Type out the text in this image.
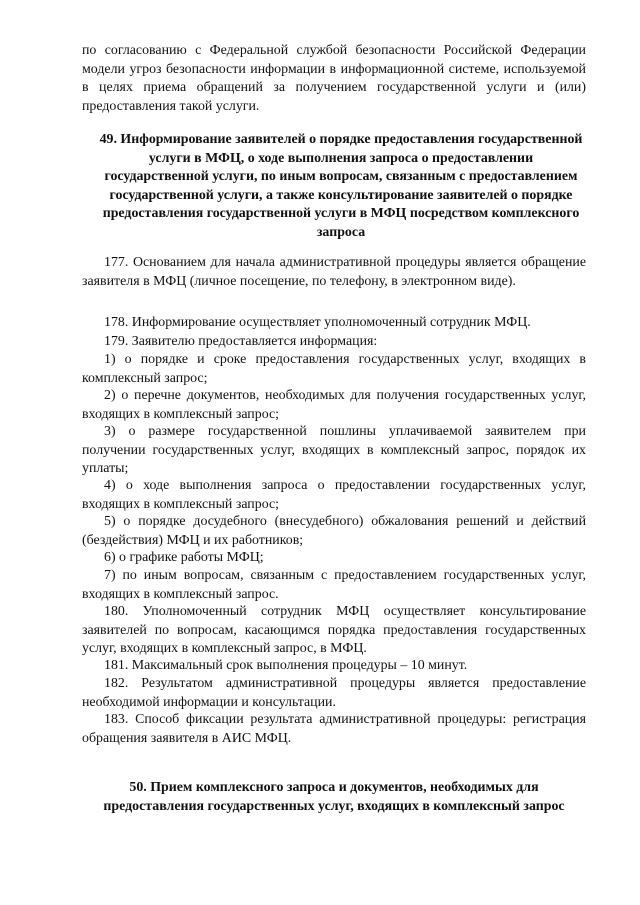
по согласованию с Федеральной службой безопасности Российской Федерации модели угроз безопасности информации в информационной системе, используемой в целях приема обращений за получением государственной услуги и (или) предоставления такой услуги.

49. Информирование заявителей о порядке предоставления государственной услуги в МФЦ, о ходе выполнения запроса о предоставлении государственной услуги, по иным вопросам, связанным с предоставлением государственной услуги, а также консультирование заявителей о порядке предоставления государственной услуги в МФЦ посредством комплексного запроса

177. Основанием для начала административной процедуры является обращение заявителя в МФЦ (личное посещение, по телефону, в электронном виде).

178. Информирование осуществляет уполномоченный сотрудник МФЦ.

179. Заявителю предоставляется информация:

1) о порядке и сроке предоставления государственных услуг, входящих в комплексный запрос;

2) о перечне документов, необходимых для получения государственных услуг, входящих в комплексный запрос;

3) о размере государственной пошлины уплачиваемой заявителем при получении государственных услуг, входящих в комплексный запрос, порядок их уплаты;

4) о ходе выполнения запроса о предоставлении государственных услуг, входящих в комплексный запрос;

5) о порядке досудебного (внесудебного) обжалования решений и действий (бездействия) МФЦ и их работников;

6) о графике работы МФЦ;

7) по иным вопросам, связанным с предоставлением государственных услуг, входящих в комплексный запрос.

180. Уполномоченный сотрудник МФЦ осуществляет консультирование заявителей по вопросам, касающимся порядка предоставления государственных услуг, входящих в комплексный запрос, в МФЦ.

181. Максимальный срок выполнения процедуры – 10 минут.

182. Результатом административной процедуры является предоставление необходимой информации и консультации.

183. Способ фиксации результата административной процедуры: регистрация обращения заявителя в АИС МФЦ.

50. Прием комплексного запроса и документов, необходимых для предоставления государственных услуг, входящих в комплексный запрос
